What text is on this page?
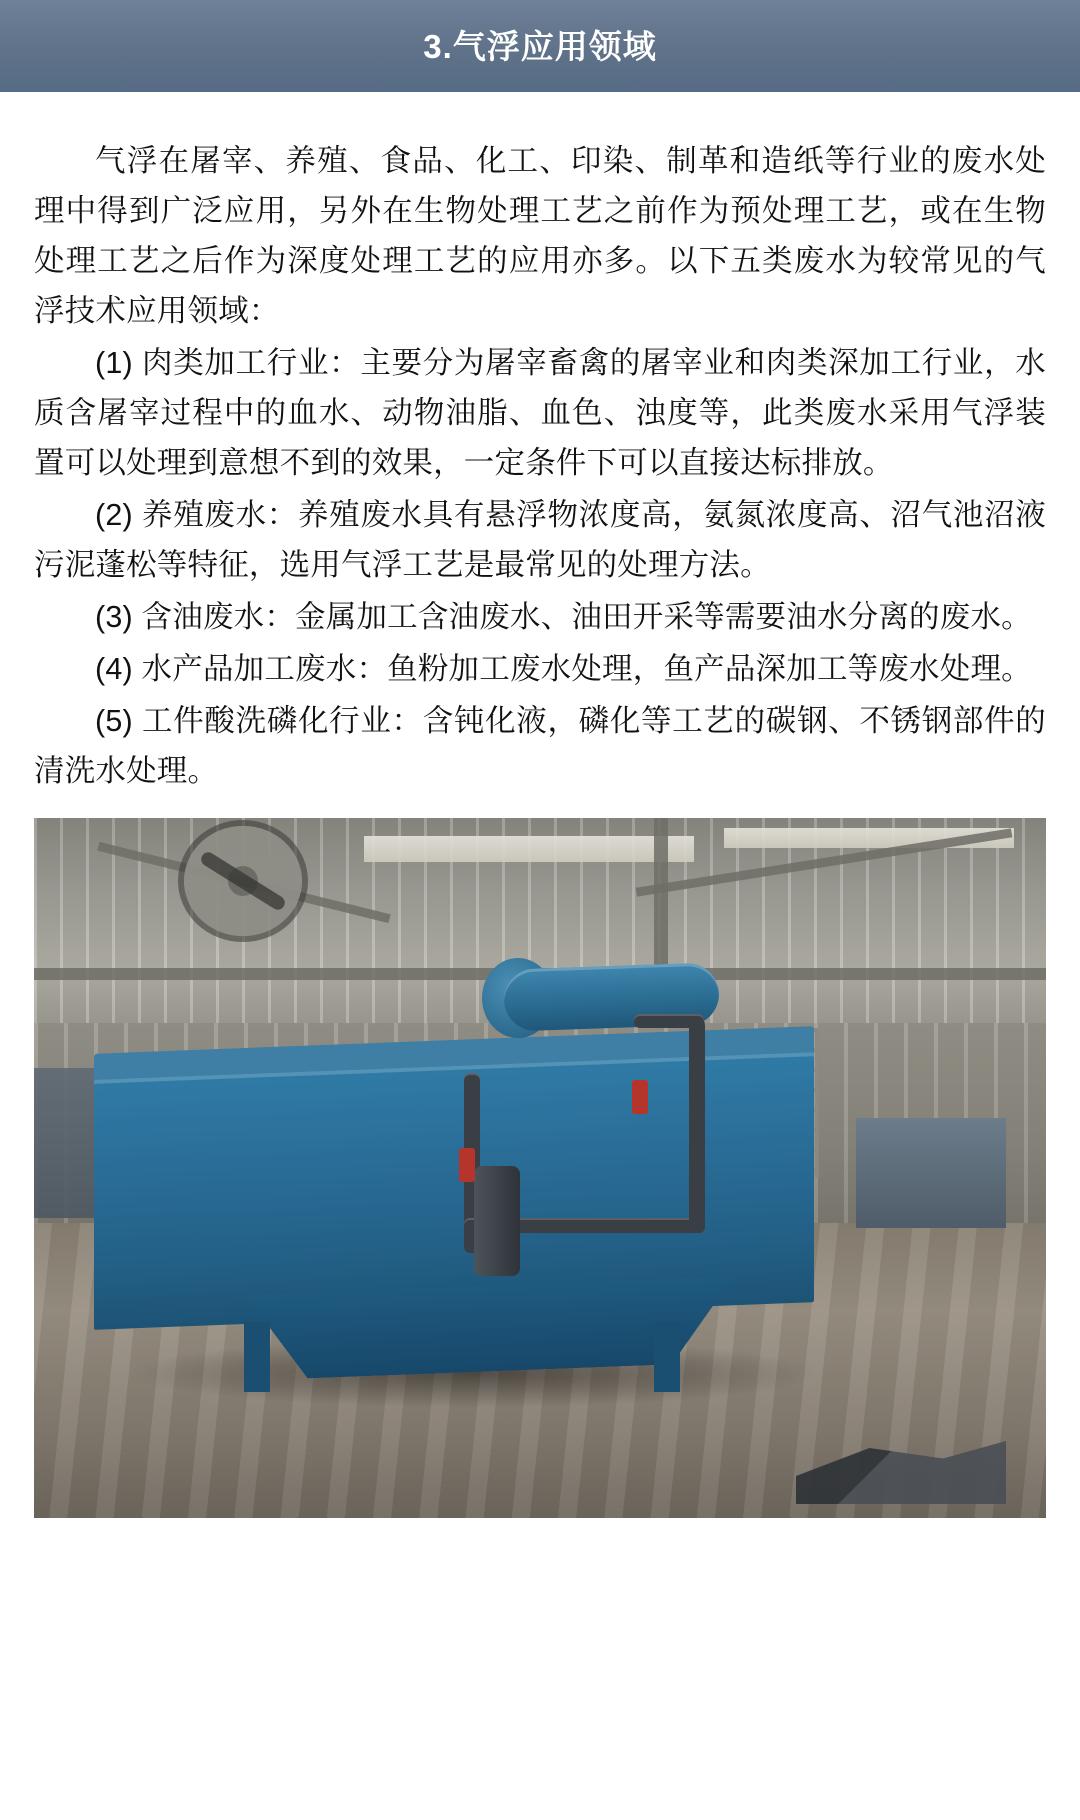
3.气浮应用领域

气浮在屠宰、养殖、食品、化工、印染、制革和造纸等行业的废水处理中得到广泛应用，另外在生物处理工艺之前作为预处理工艺，或在生物处理工艺之后作为深度处理工艺的应用亦多。以下五类废水为较常见的气浮技术应用领域：

(1) 肉类加工行业：主要分为屠宰畜禽的屠宰业和肉类深加工行业，水质含屠宰过程中的血水、动物油脂、血色、浊度等，此类废水采用气浮装置可以处理到意想不到的效果，一定条件下可以直接达标排放。

(2) 养殖废水：养殖废水具有悬浮物浓度高，氨氮浓度高、沼气池沼液污泥蓬松等特征，选用气浮工艺是最常见的处理方法。

(3) 含油废水：金属加工含油废水、油田开采等需要油水分离的废水。

(4) 水产品加工废水：鱼粉加工废水处理，鱼产品深加工等废水处理。

(5) 工件酸洗磷化行业：含钝化液，磷化等工艺的碳钢、不锈钢部件的清洗水处理。
